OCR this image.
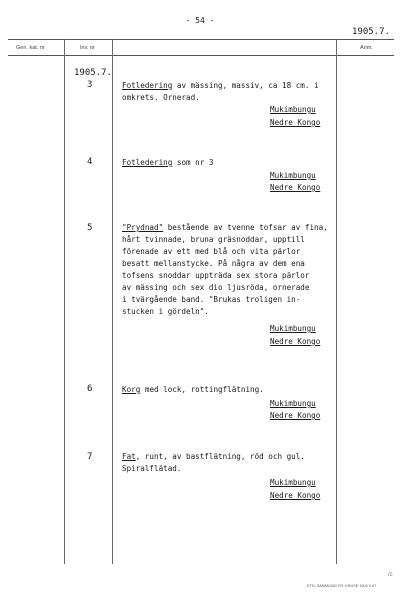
- 54 -
1905.7.
Gen. kat. nr	Inv. nr	Anm.
1905.7.
3	Fotledering av mässing, massiv, ca 18 cm. i
omkrets. Ornerad.
Mukimbungu
Nedre Kongo
4	Fotledering som nr 3
Mukimbungu
Nedre Kongo
5	"Prydnad" bestående av tvenne tofsar av fina,
hårt tvinnade, bruna gräsnoddar, upptill
förenade av ett med blå och vita pärlor
besatt mellanstycke. På några av dem ena
tofsens snoddar uppträda sex stora pärlor
av mässing och sex dio ljusröda, ornerade
i tvärgående band. "Brukas troligen in-
stucken i gördeln".
Mukimbungu
Nedre Kongo
6	Korg med lock, rottingflätning.
Mukimbungu
Nedre Kongo
7	Fat, runt, av bastflätning, röd och gul.
Spiralflätad.
Mukimbungu
Nedre Kongo
ETN. SAMMLING FR. KRUSE 1904 5 67
/c
